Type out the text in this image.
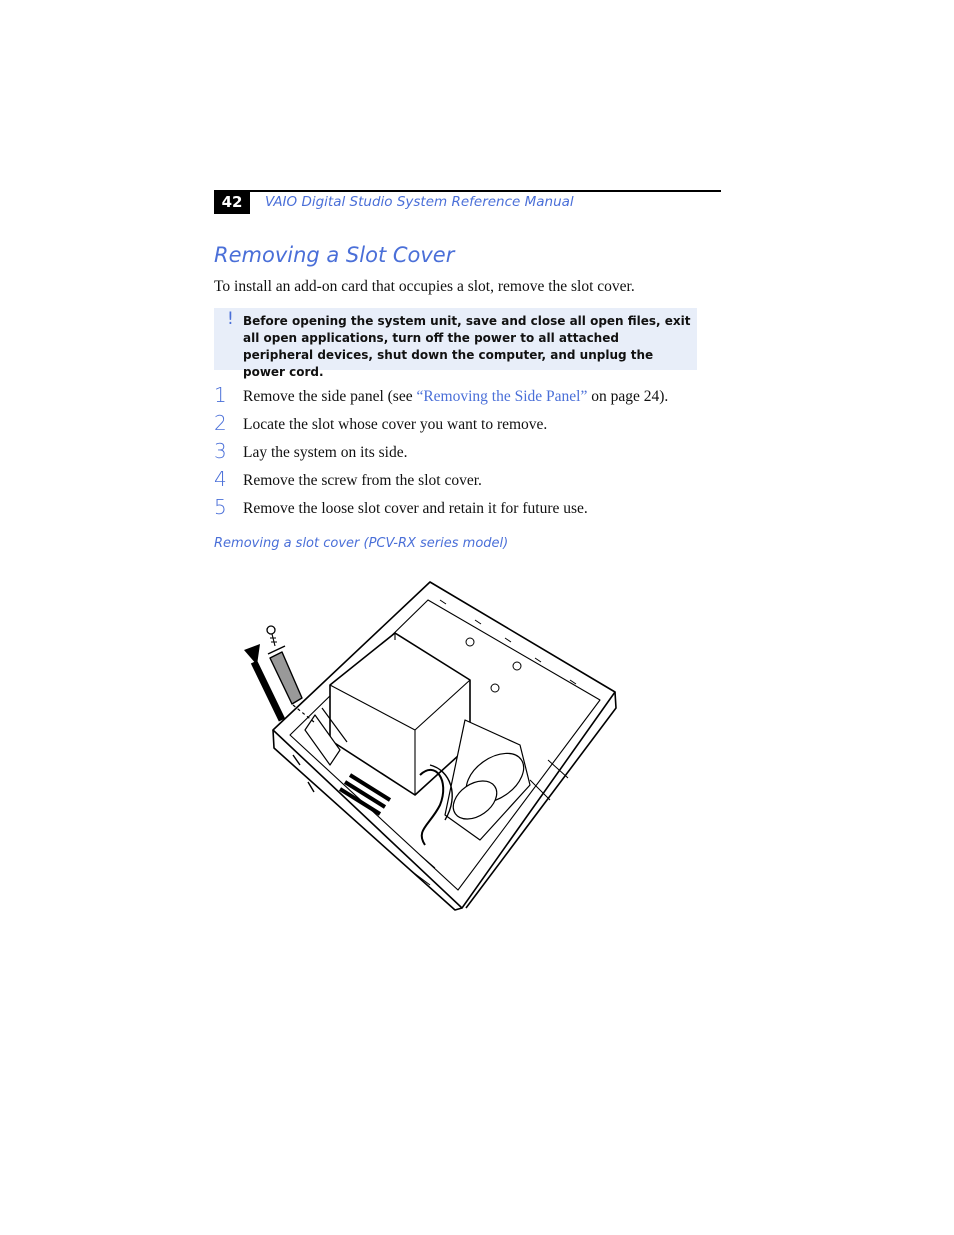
42	VAIO Digital Studio System Reference Manual
Removing a Slot Cover

To install an add-on card that occupies a slot, remove the slot cover.

! Before opening the system unit, save and close all open files, exit all open applications, turn off the power to all attached peripheral devices, shut down the computer, and unplug the power cord.
1 Remove the side panel (see “Removing the Side Panel” on page 24).
2 Locate the slot whose cover you want to remove.
3 Lay the system on its side.
4 Remove the screw from the slot cover.
5 Remove the loose slot cover and retain it for future use.
Removing a slot cover (PCV-RX series model)
